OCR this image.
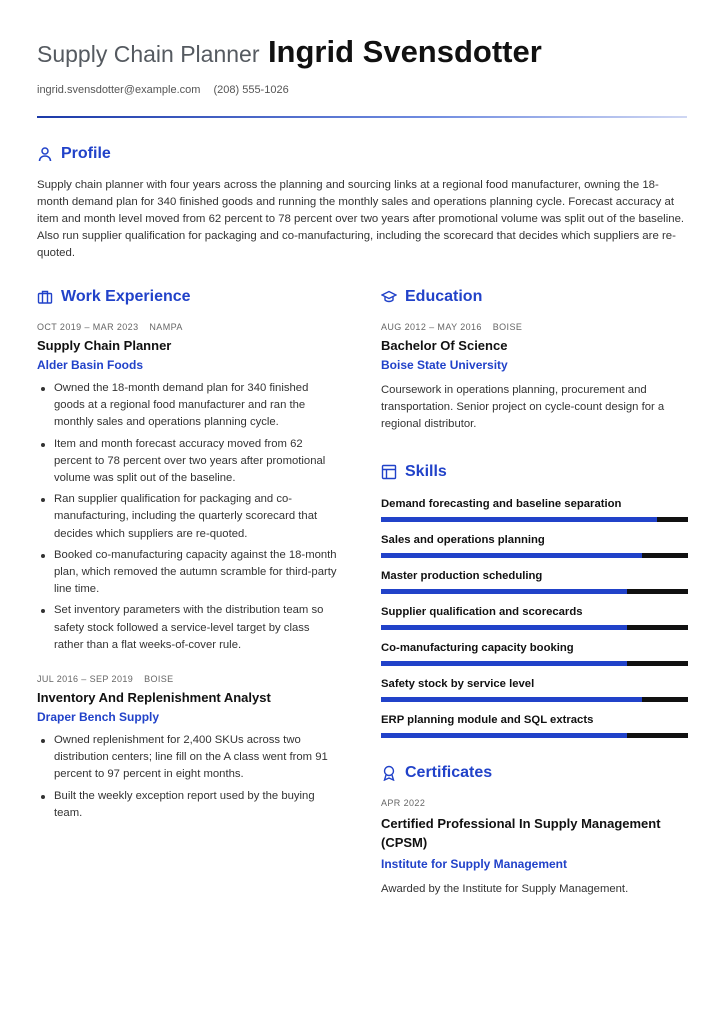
Supply Chain Planner Ingrid Svensdotter
ingrid.svensdotter@example.com (208) 555-1026
Profile

Supply chain planner with four years across the planning and sourcing links at a regional food manufacturer, owning the 18-month demand plan for 340 finished goods and running the monthly sales and operations planning cycle. Forecast accuracy at item and month level moved from 62 percent to 78 percent over two years after promotional volume was split out of the baseline. Also run supplier qualification for packaging and co-manufacturing, including the scorecard that decides which suppliers are re-quoted.

Work Experience
OCT 2019 – MAR 2023 NAMPA
Supply Chain Planner
Alder Basin Foods
Owned the 18-month demand plan for 340 finished goods at a regional food manufacturer and ran the monthly sales and operations planning cycle.
Item and month forecast accuracy moved from 62 percent to 78 percent over two years after promotional volume was split out of the baseline.
Ran supplier qualification for packaging and co-manufacturing, including the quarterly scorecard that decides which suppliers are re-quoted.
Booked co-manufacturing capacity against the 18-month plan, which removed the autumn scramble for third-party line time.
Set inventory parameters with the distribution team so safety stock followed a service-level target by class rather than a flat weeks-of-cover rule.
JUL 2016 – SEP 2019 BOISE
Inventory And Replenishment Analyst
Draper Bench Supply
Owned replenishment for 2,400 SKUs across two distribution centers; line fill on the A class went from 91 percent to 97 percent in eight months.
Built the weekly exception report used by the buying team.
Education
AUG 2012 – MAY 2016 BOISE
Bachelor Of Science
Boise State University

Coursework in operations planning, procurement and transportation. Senior project on cycle-count design for a regional distributor.

Skills
Demand forecasting and baseline separation
Sales and operations planning
Master production scheduling
Supplier qualification and scorecards
Co-manufacturing capacity booking
Safety stock by service level
ERP planning module and SQL extracts
Certificates
APR 2022
Certified Professional In Supply Management (CPSM)
Institute for Supply Management

Awarded by the Institute for Supply Management.
